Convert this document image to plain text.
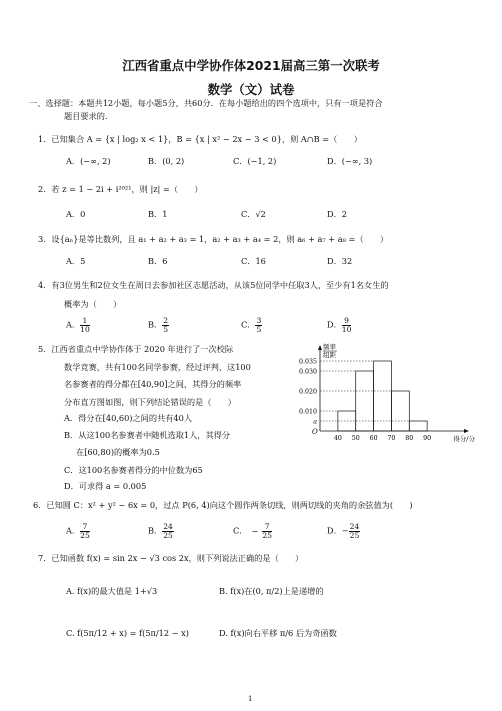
江西省重点中学协作体2021届高三第一次联考
数学（文）试卷
一、选择题：本题共12小题，每小题5分，共60分．在每小题给出的四个选项中，只有一项是符合
题目要求的．
1．已知集合 A = {x | log₂ x < 1}，B = {x | x² − 2x − 3 < 0}，则 A∩B =（　　）
A．(−∞, 2)	B．(0, 2)	C．(−1, 2)	D．(−∞, 3)
2．若 z = 1 − 2i + i²⁰²¹，则 |z| =（　　）
A．0	B．1	C．√2	D．2
3．设{aₙ}是等比数列，且 a₁ + a₂ + a₃ = 1，a₂ + a₃ + a₄ = 2，则 a₆ + a₇ + a₈ =（　　）
A．5	B．6	C．16	D．32
4．有3位男生和2位女生在周日去参加社区志愿活动，从该5位同学中任取3人，至少有1名女生的
概率为（　　）
A． $\frac{1}{10}$	B． $\frac{2}{5}$	C． $\frac{3}{5}$	D． $\frac{9}{10}$
5．江西省重点中学协作体于 2020 年进行了一次校际
数学竞赛，共有100名同学参赛，经过评判，这100
名参赛者的得分都在[40,90]之间，其得分的频率
分布直方图如图，则下列结论错误的是（　　）
A．得分在[40,60)之间的共有40人
B．从这100名参赛者中随机选取1人，其得分
在[60,80)的概率为0.5
C．这100名参赛者得分的中位数为65
D．可求得 a = 0.005
频率
组距
O
0.035
0.030
0.020
0.010
a
40 50 60 70 80 90	得分/分
6．已知圆 C：x² + y² − 6x = 0，过点 P(6, 4)向这个圆作两条切线，则两切线的夹角的余弦值为(　　)
A． $\frac{7}{25}$	B． $\frac{24}{25}$	C． − $\frac{7}{25}$	D．− $\frac{24}{25}$
7．已知函数 f(x) = sin 2x − √3 cos 2x，则下列说法正确的是（　　）
A. f(x)的最大值是 1+√3	B. f(x)在(0, π/2)上是递增的
C. f(5π/12 + x) = f(5π/12 − x)	D. f(x)向右平移 π/6 后为奇函数
1
